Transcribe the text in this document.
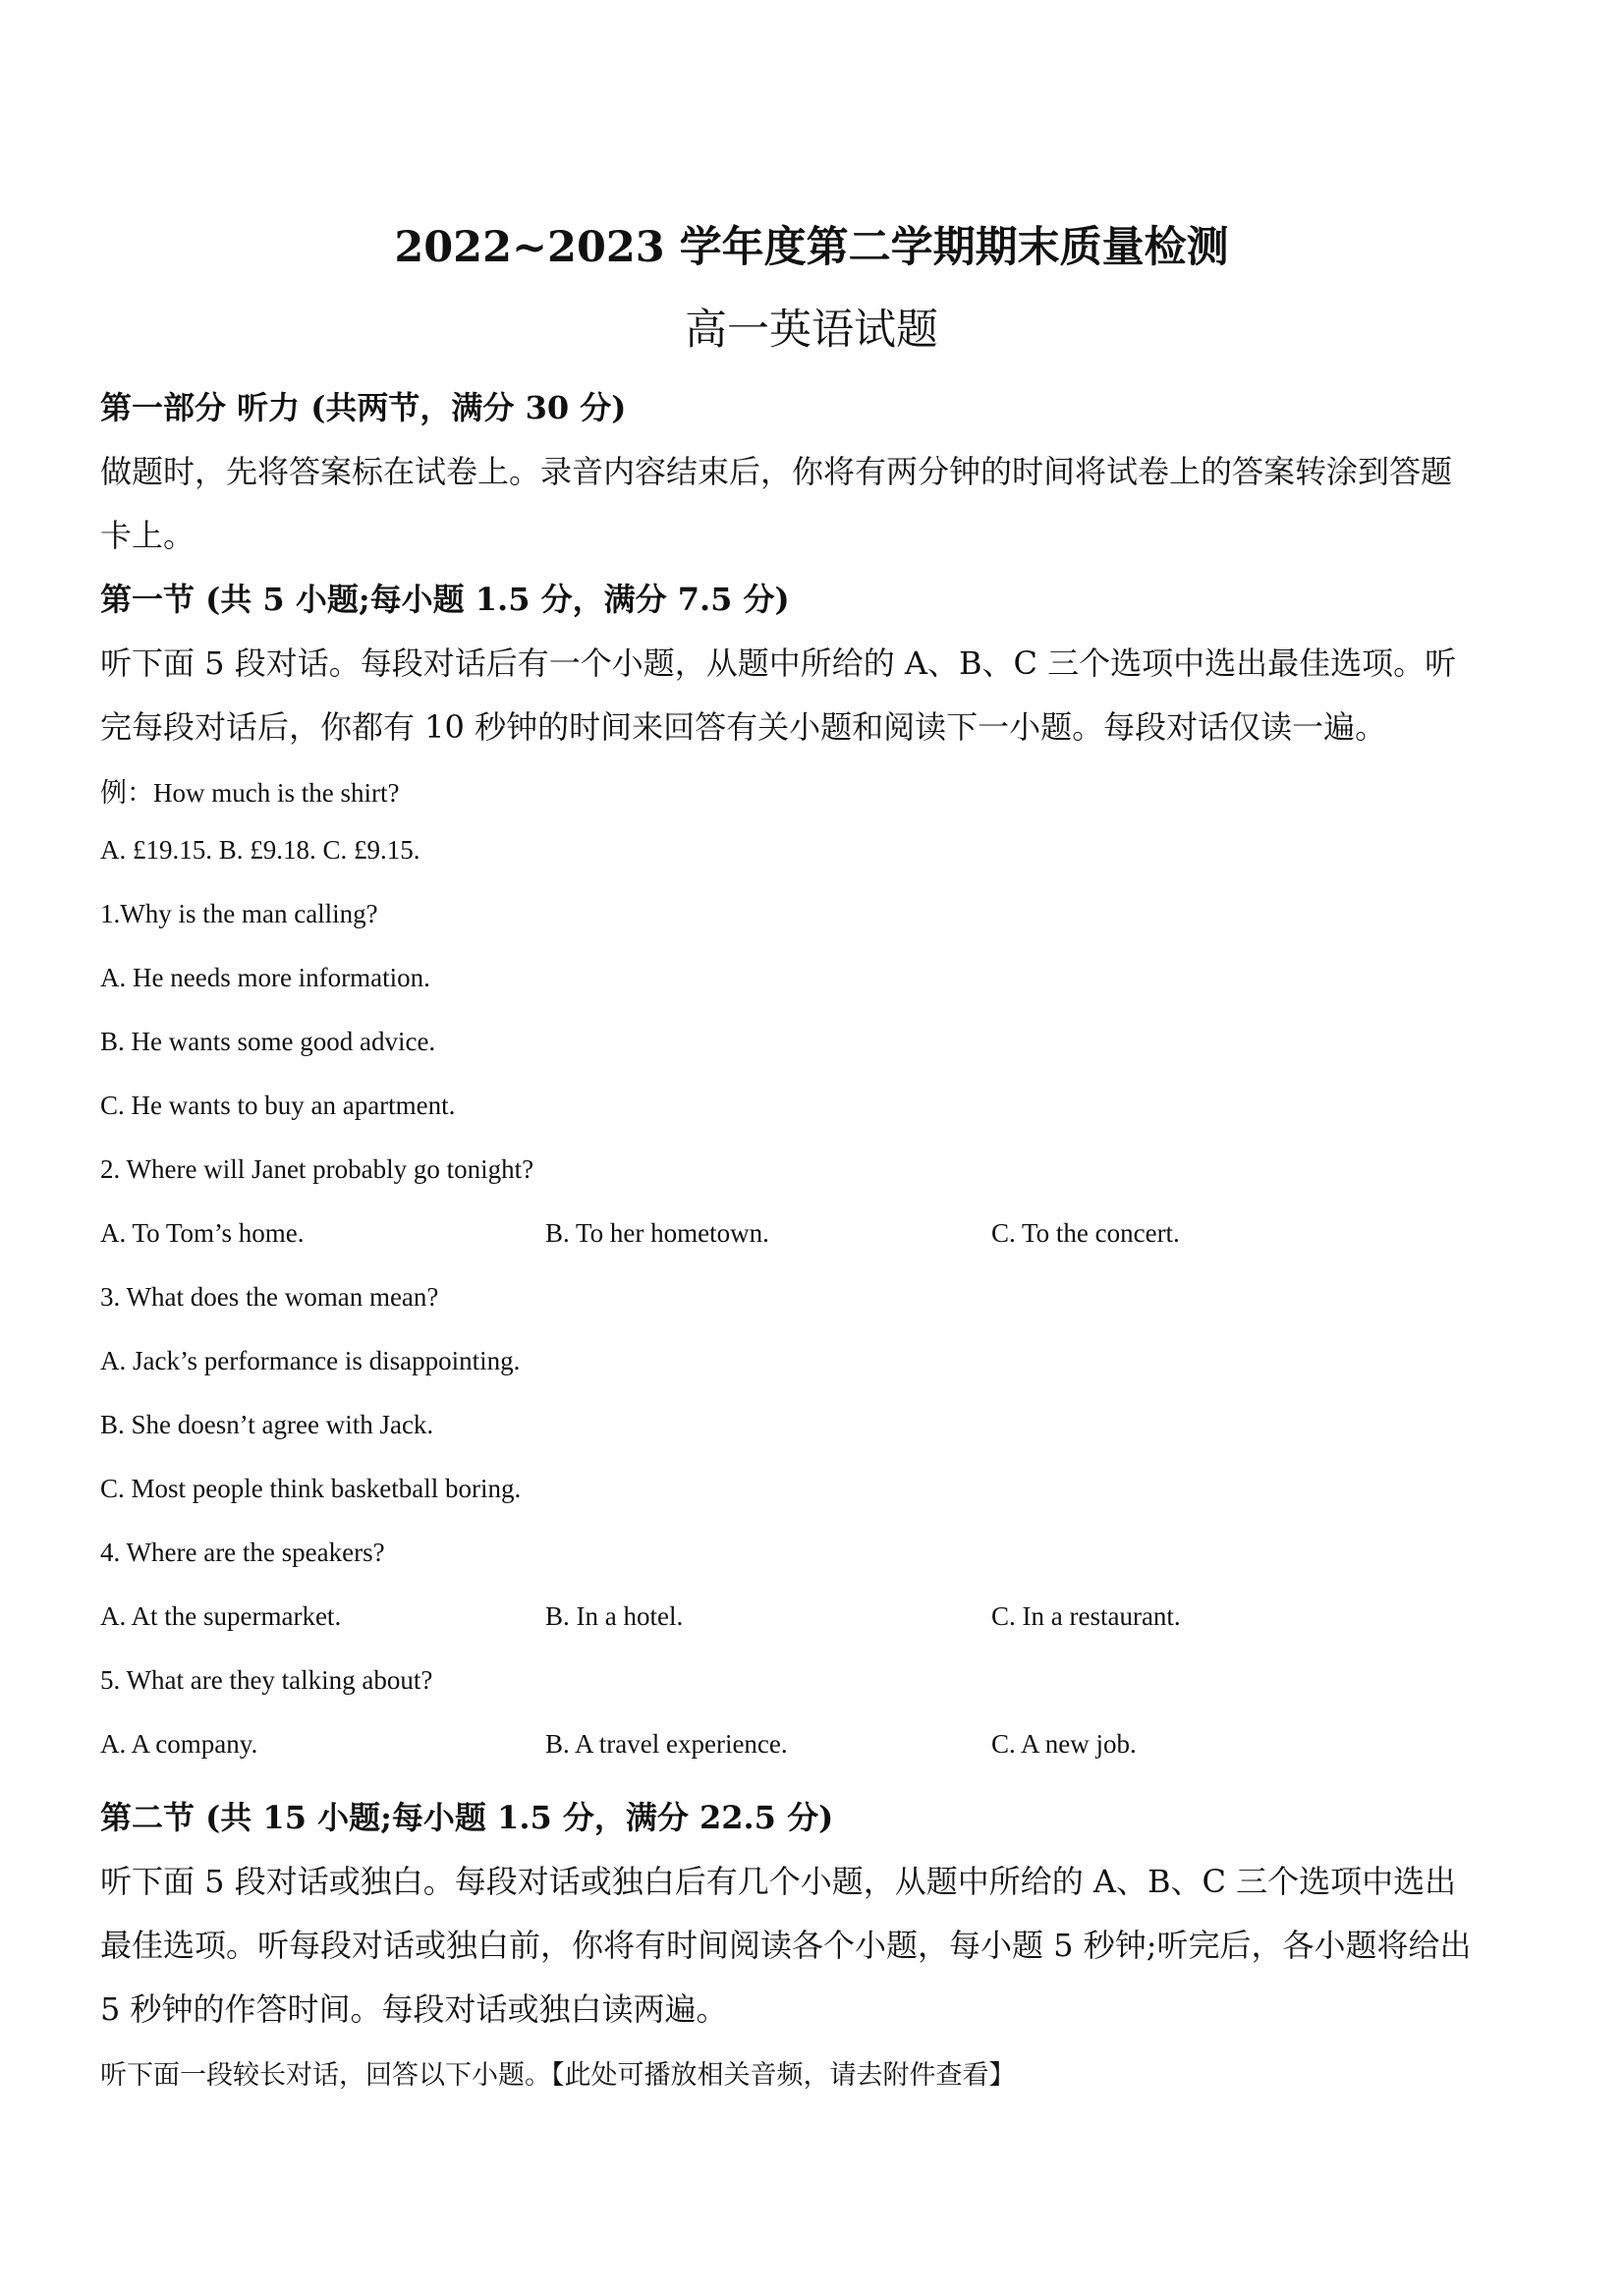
2022~2023 学年度第二学期期末质量检测
高一英语试题
第一部分 听力 (共两节，满分 30 分)
做题时，先将答案标在试卷上。录音内容结束后，你将有两分钟的时间将试卷上的答案转涂到答题
卡上。
第一节 (共 5 小题;每小题 1.5 分，满分 7.5 分)
听下面 5 段对话。每段对话后有一个小题，从题中所给的 A、B、C 三个选项中选出最佳选项。听
完每段对话后，你都有 10 秒钟的时间来回答有关小题和阅读下一小题。每段对话仅读一遍。
例：How much is the shirt?
A. £19.15. B. £9.18. C. £9.15.
1.Why is the man calling?
A. He needs more information.
B. He wants some good advice.
C. He wants to buy an apartment.
2. Where will Janet probably go tonight?
A. To Tom’s home.	B. To her hometown.	C. To the concert.
3. What does the woman mean?
A. Jack’s performance is disappointing.
B. She doesn’t agree with Jack.
C. Most people think basketball boring.
4. Where are the speakers?
A. At the supermarket.	B. In a hotel.	C. In a restaurant.
5. What are they talking about?
A. A company.	B. A travel experience.	C. A new job.
第二节 (共 15 小题;每小题 1.5 分，满分 22.5 分)
听下面 5 段对话或独白。每段对话或独白后有几个小题，从题中所给的 A、B、C 三个选项中选出
最佳选项。听每段对话或独白前，你将有时间阅读各个小题，每小题 5 秒钟;听完后，各小题将给出
5 秒钟的作答时间。每段对话或独白读两遍。
听下面一段较长对话，回答以下小题。【此处可播放相关音频，请去附件查看】
